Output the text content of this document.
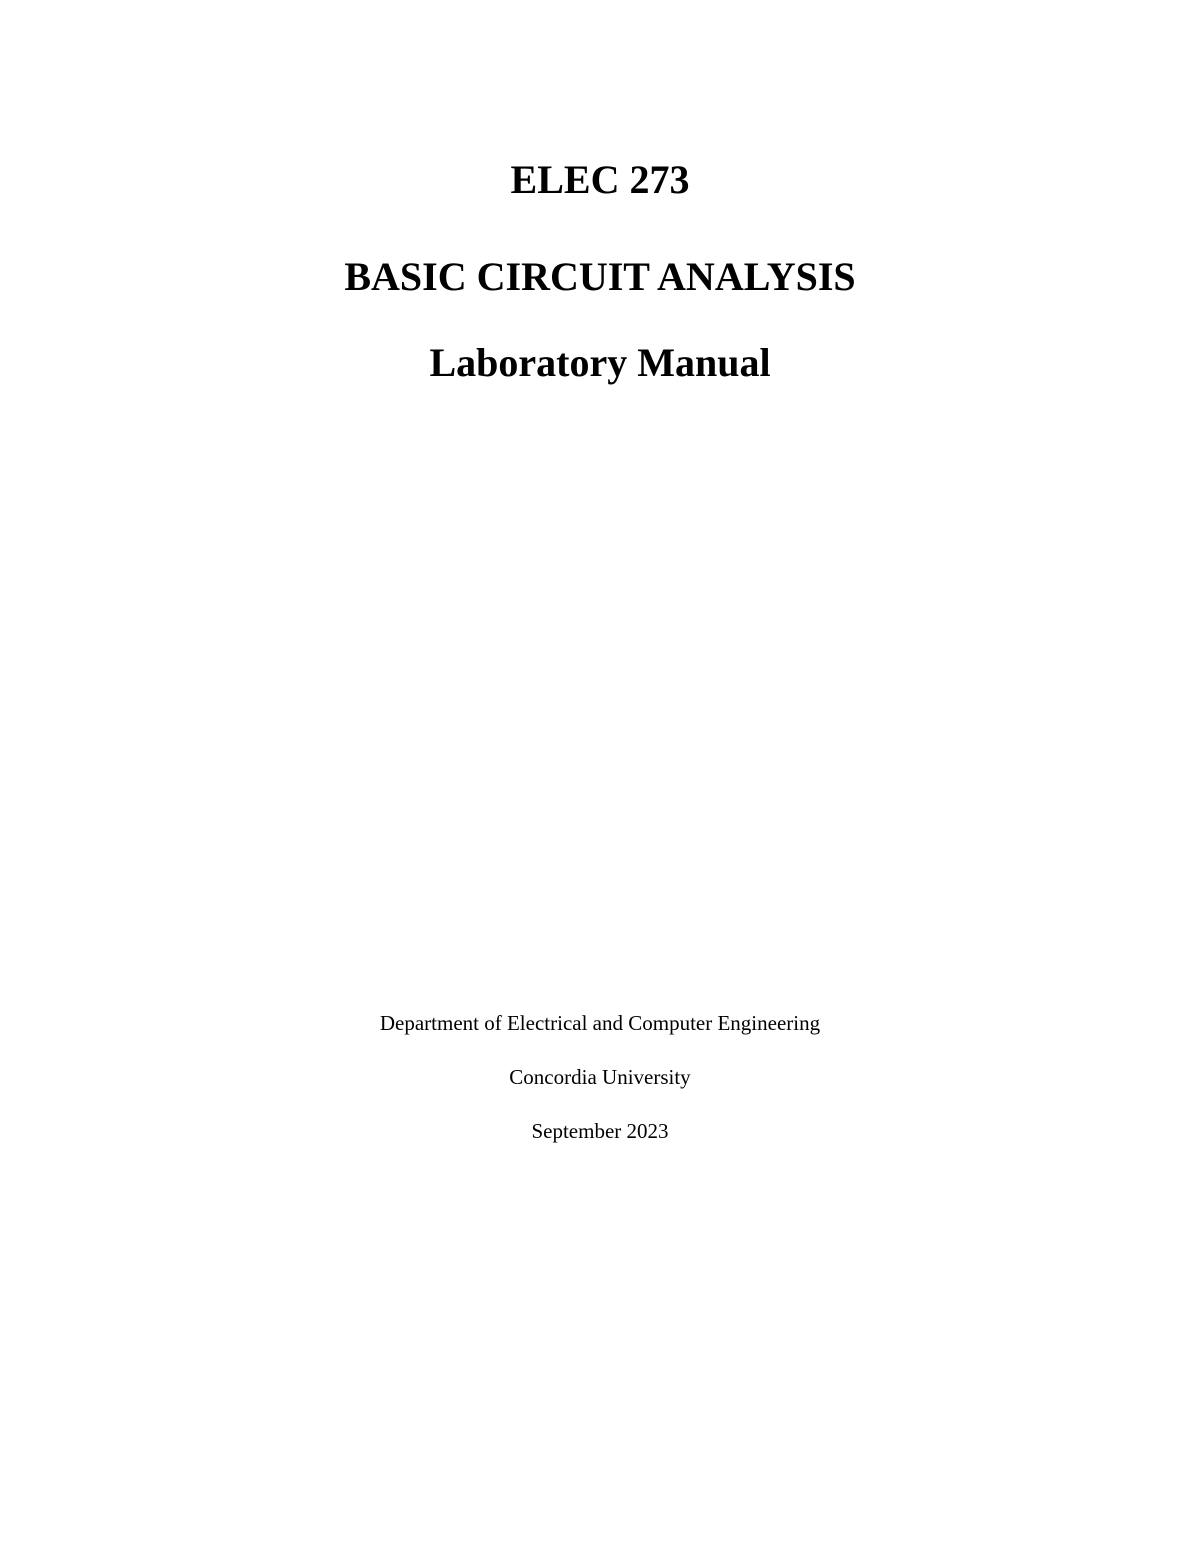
ELEC 273
BASIC CIRCUIT ANALYSIS
Laboratory Manual
Department of Electrical and Computer Engineering
Concordia University
September 2023
